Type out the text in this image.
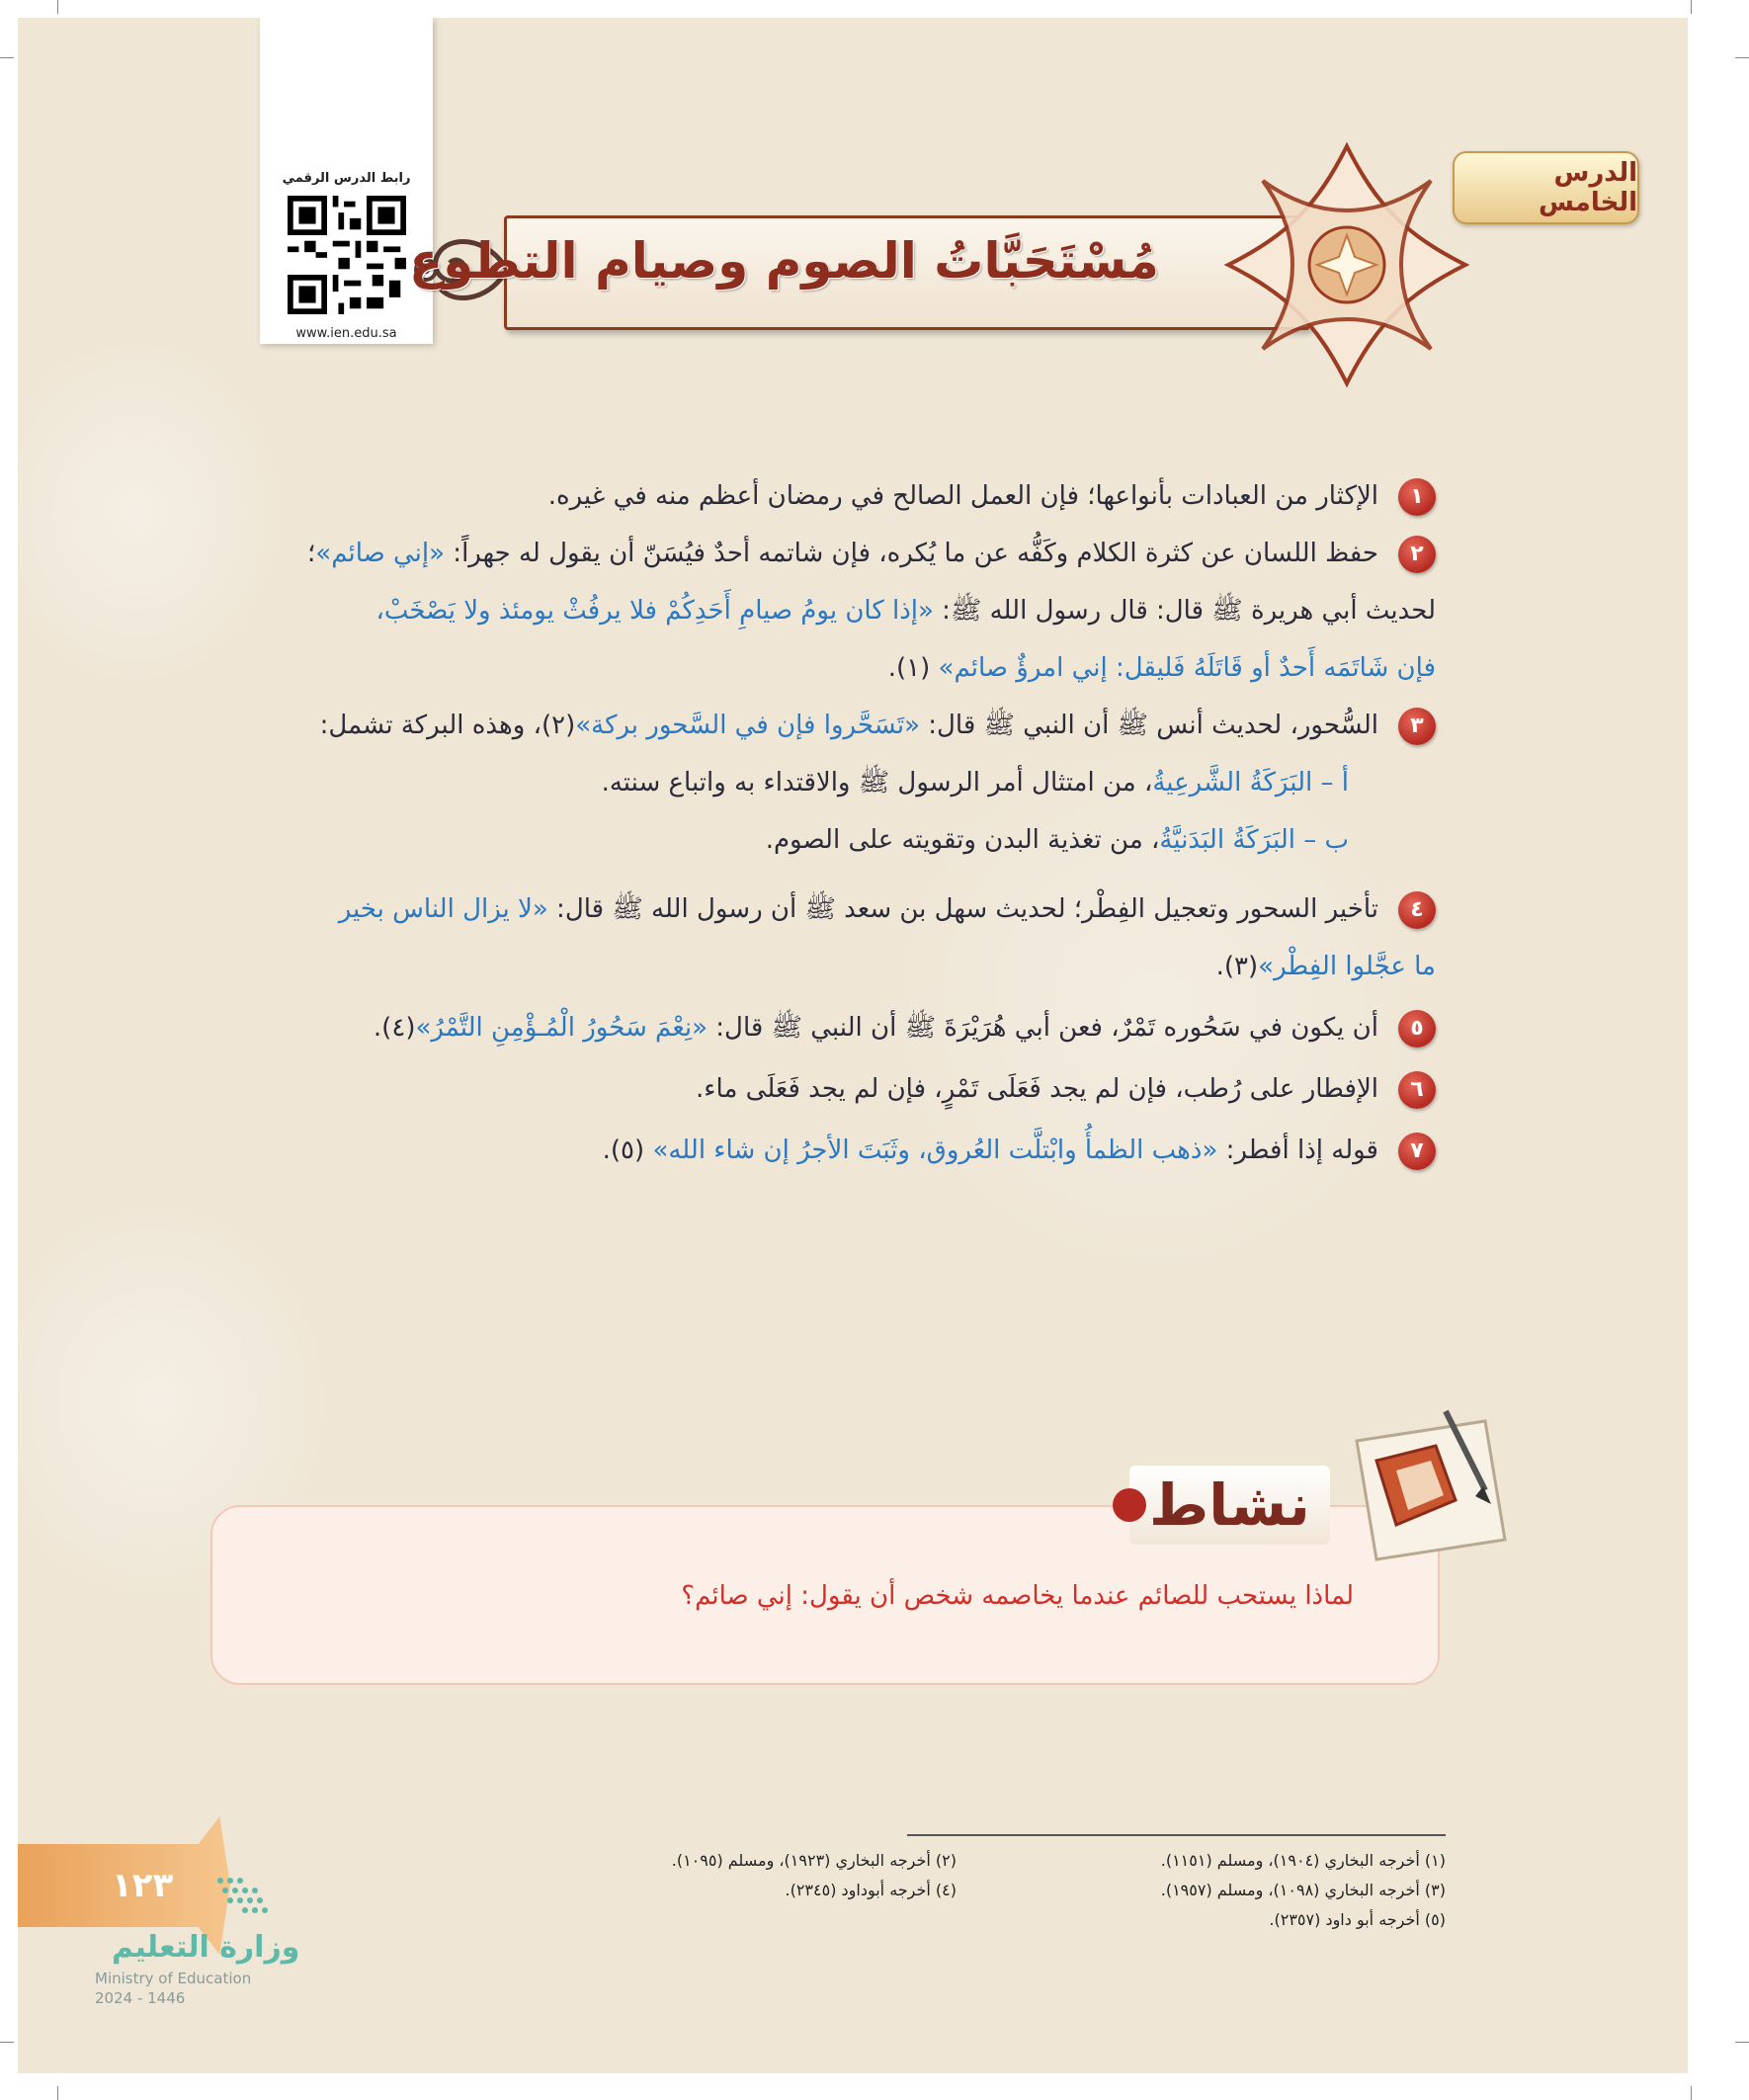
رابط الدرس الرقمي
www.ien.edu.sa
مُسْتَحَبَّاتُ الصوم وصيام التطوع
الدرس الخامس
١
الإكثار من العبادات بأنواعها؛ فإن العمل الصالح في رمضان أعظم منه في غيره.
٢
حفظ اللسان عن كثرة الكلام وكَفُّه عن ما يُكره، فإن شاتمه أحدٌ فيُسَنّ أن يقول له جهراً: «إني صائم»؛
لحديث أبي هريرة ﷺ قال: قال رسول الله ﷺ: «إذا كان يومُ صيامِ أَحَدِكُمْ فلا يرفُثْ يومئذ ولا يَصْخَبْ،
فإن شَاتَمَه أَحدٌ أو قَاتَلَهُ فَليقل: إني امرؤٌ صائم» (١).
٣
السُّحور، لحديث أنس ﷺ أن النبي ﷺ قال: «تَسَحَّروا فإن في السَّحور بركة»(٢)، وهذه البركة تشمل:
أ – البَرَكَةُ الشَّرعِيةُ، من امتثال أمر الرسول ﷺ والاقتداء به واتباع سنته.
ب – البَرَكَةُ البَدَنيَّةُ، من تغذية البدن وتقويته على الصوم.
٤
تأخير السحور وتعجيل الفِطْر؛ لحديث سهل بن سعد ﷺ أن رسول الله ﷺ قال: «لا يزال الناس بخير
ما عجَّلوا الفِطْر»(٣).
٥
أن يكون في سَحُوره تَمْرٌ، فعن أبي هُرَيْرَةَ ﷺ أن النبي ﷺ قال: «نِعْمَ سَحُورُ الْمُـؤْمِنِ التَّمْرُ»(٤).
٦
الإفطار على رُطب، فإن لم يجد فَعَلَى تَمْرٍ، فإن لم يجد فَعَلَى ماء.
٧
قوله إذا أفطر: «ذهب الظمأُ وابْتلَّت العُروق، وثَبَتَ الأجرُ إن شاء الله» (٥).
لماذا يستحب للصائم عندما يخاصمه شخص أن يقول: إني صائم؟
نشاط
(١) أخرجه البخاري (١٩٠٤)، ومسلم (١١٥١).
(٢) أخرجه البخاري (١٩٢٣)، ومسلم (١٠٩٥).
(٣) أخرجه البخاري (١٠٩٨)، ومسلم (١٩٥٧).
(٤) أخرجه أبوداود (٢٣٤٥).
(٥) أخرجه أبو داود (٢٣٥٧).
١٢٣
وزارة التعليم
Ministry of Education
2024 - 1446
